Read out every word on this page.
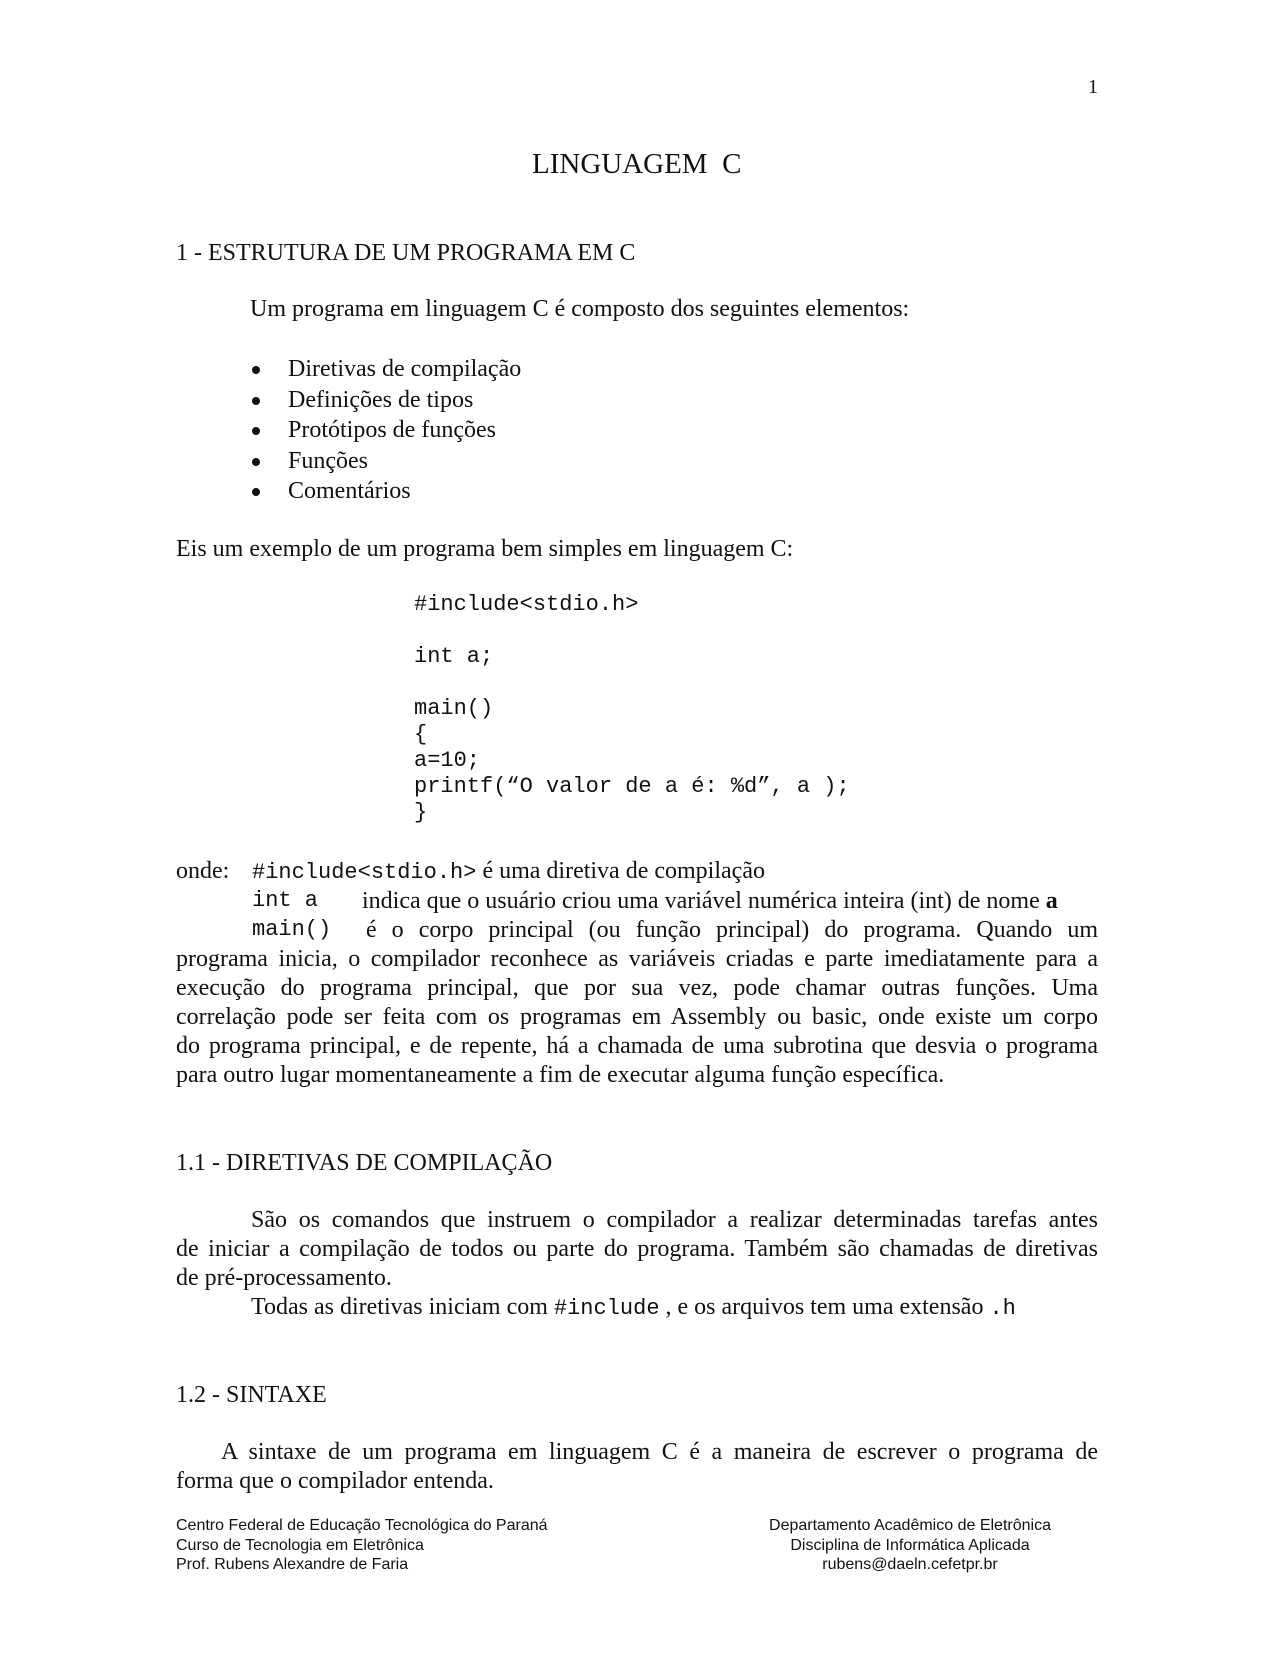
1
LINGUAGEM  C
1 - ESTRUTURA DE UM PROGRAMA EM C
Um programa em linguagem C é composto dos seguintes elementos:
Diretivas de compilação
Definições de tipos
Protótipos de funções
Funções
Comentários
Eis um exemplo de um programa bem simples em linguagem C:
#include<stdio.h>
int a;
main()
{
a=10;
printf(“O valor de a é: %d”, a );
}
onde: #include<stdio.h> é uma diretiva de compilação
int a indica que o usuário criou uma variável numérica inteira (int) de nome a
main() é o corpo principal (ou função principal) do programa. Quando um
programa inicia, o compilador reconhece as variáveis criadas e parte imediatamente para a
execução do programa principal, que por sua vez, pode chamar outras funções. Uma
correlação pode ser feita com os programas em Assembly ou basic, onde existe um corpo
do programa principal, e de repente, há a chamada de uma subrotina que desvia o programa
para outro lugar momentaneamente a fim de executar alguma função específica.
1.1 - DIRETIVAS DE COMPILAÇÃO
São os comandos que instruem o compilador a realizar determinadas tarefas antes
de iniciar a compilação de todos ou parte do programa. Também são chamadas de diretivas
de pré-processamento.
Todas as diretivas iniciam com #include , e os arquivos tem uma extensão .h
1.2 - SINTAXE
A sintaxe de um programa em linguagem C é a maneira de escrever o programa de
forma que o compilador entenda.
Centro Federal de Educação Tecnológica do Paraná
Curso de Tecnologia em Eletrônica
Prof. Rubens Alexandre de Faria
Departamento Acadêmico de Eletrônica
Disciplina de Informática Aplicada
rubens@daeln.cefetpr.br
